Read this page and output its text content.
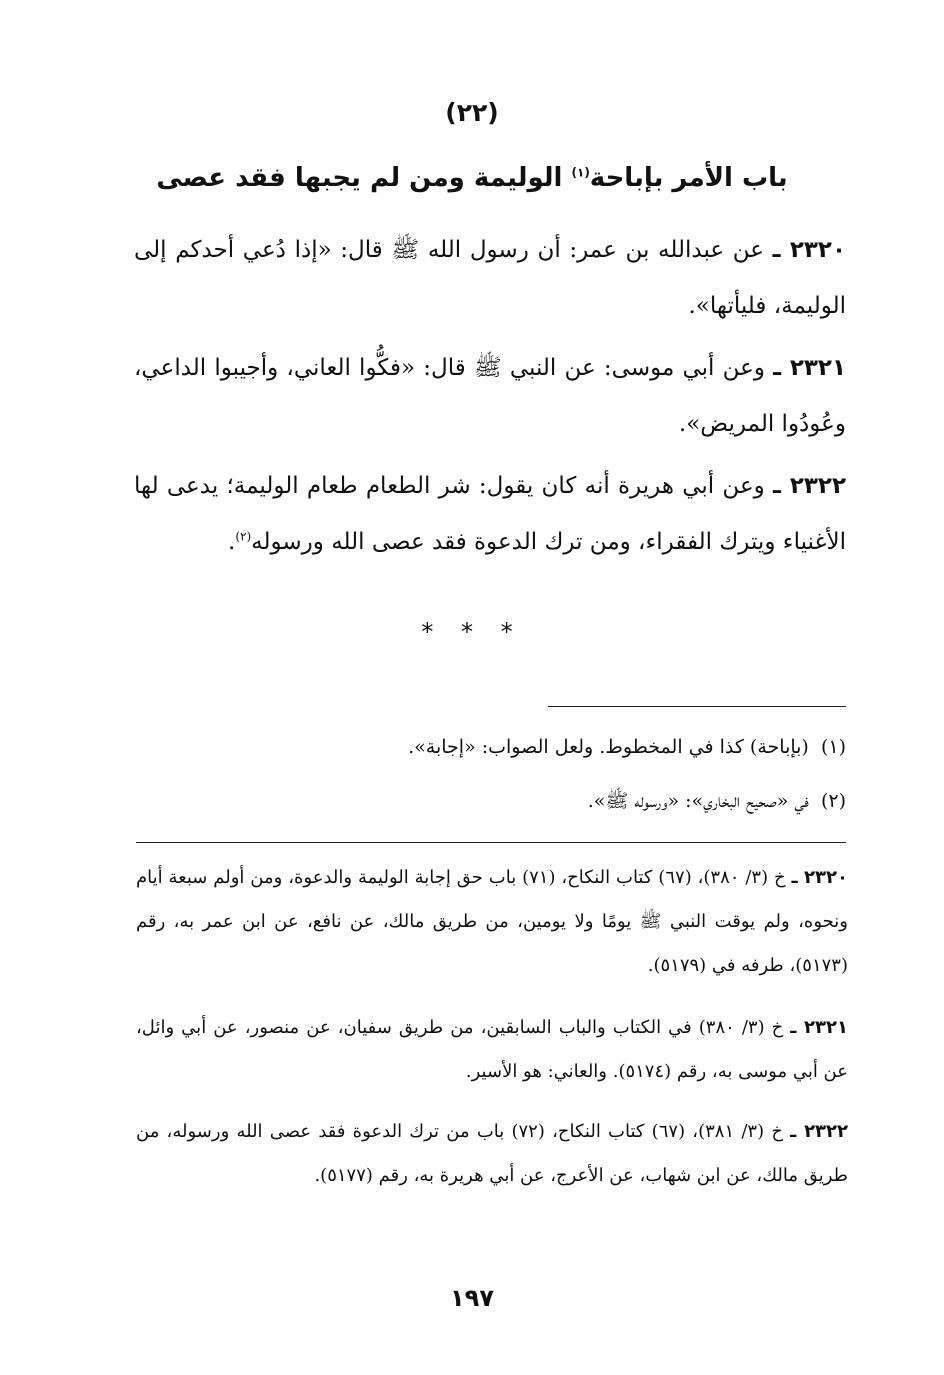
(٢٢)
باب الأمر بإباحة$^{(١)}$ الوليمة ومن لم يجبها فقد عصى
٢٣٢٠ ـ عن عبدالله بن عمر: أن رسول الله ﷺ قال: «إذا دُعي أحدكم إلى الوليمة، فليأتها».
٢٣٢١ ـ وعن أبي موسى: عن النبي ﷺ قال: «فكُّوا العاني، وأجيبوا الداعي، وعُودُوا المريض».
٢٣٢٢ ـ وعن أبي هريرة أنه كان يقول: شر الطعام طعام الوليمة؛ يدعى لها الأغنياء ويترك الفقراء، ومن ترك الدعوة فقد عصى الله ورسوله$^{(٢)}$.
* * *
(١)  (بإباحة) كذا في المخطوط. ولعل الصواب: «إجابة».
(٢)  في «صحيح البخاري»: «ورسوله ﷺ».
٢٣٢٠ ـ خ (٣/ ٣٨٠)، (٦٧) كتاب النكاح، (٧١) باب حق إجابة الوليمة والدعوة، ومن أولم سبعة أيام ونحوه، ولم يوقت النبي ﷺ يومًا ولا يومين، من طريق مالك، عن نافع، عن ابن عمر به، رقم (٥١٧٣)، طرفه في (٥١٧٩).
٢٣٢١ ـ خ (٣/ ٣٨٠) في الكتاب والباب السابقين، من طريق سفيان، عن منصور، عن أبي وائل، عن أبي موسى به، رقم (٥١٧٤). والعاني: هو الأسير.
٢٣٢٢ ـ خ (٣/ ٣٨١)، (٦٧) كتاب النكاح، (٧٢) باب من ترك الدعوة فقد عصى الله ورسوله، من طريق مالك، عن ابن شهاب، عن الأعرج، عن أبي هريرة به، رقم (٥١٧٧).
١٩٧
